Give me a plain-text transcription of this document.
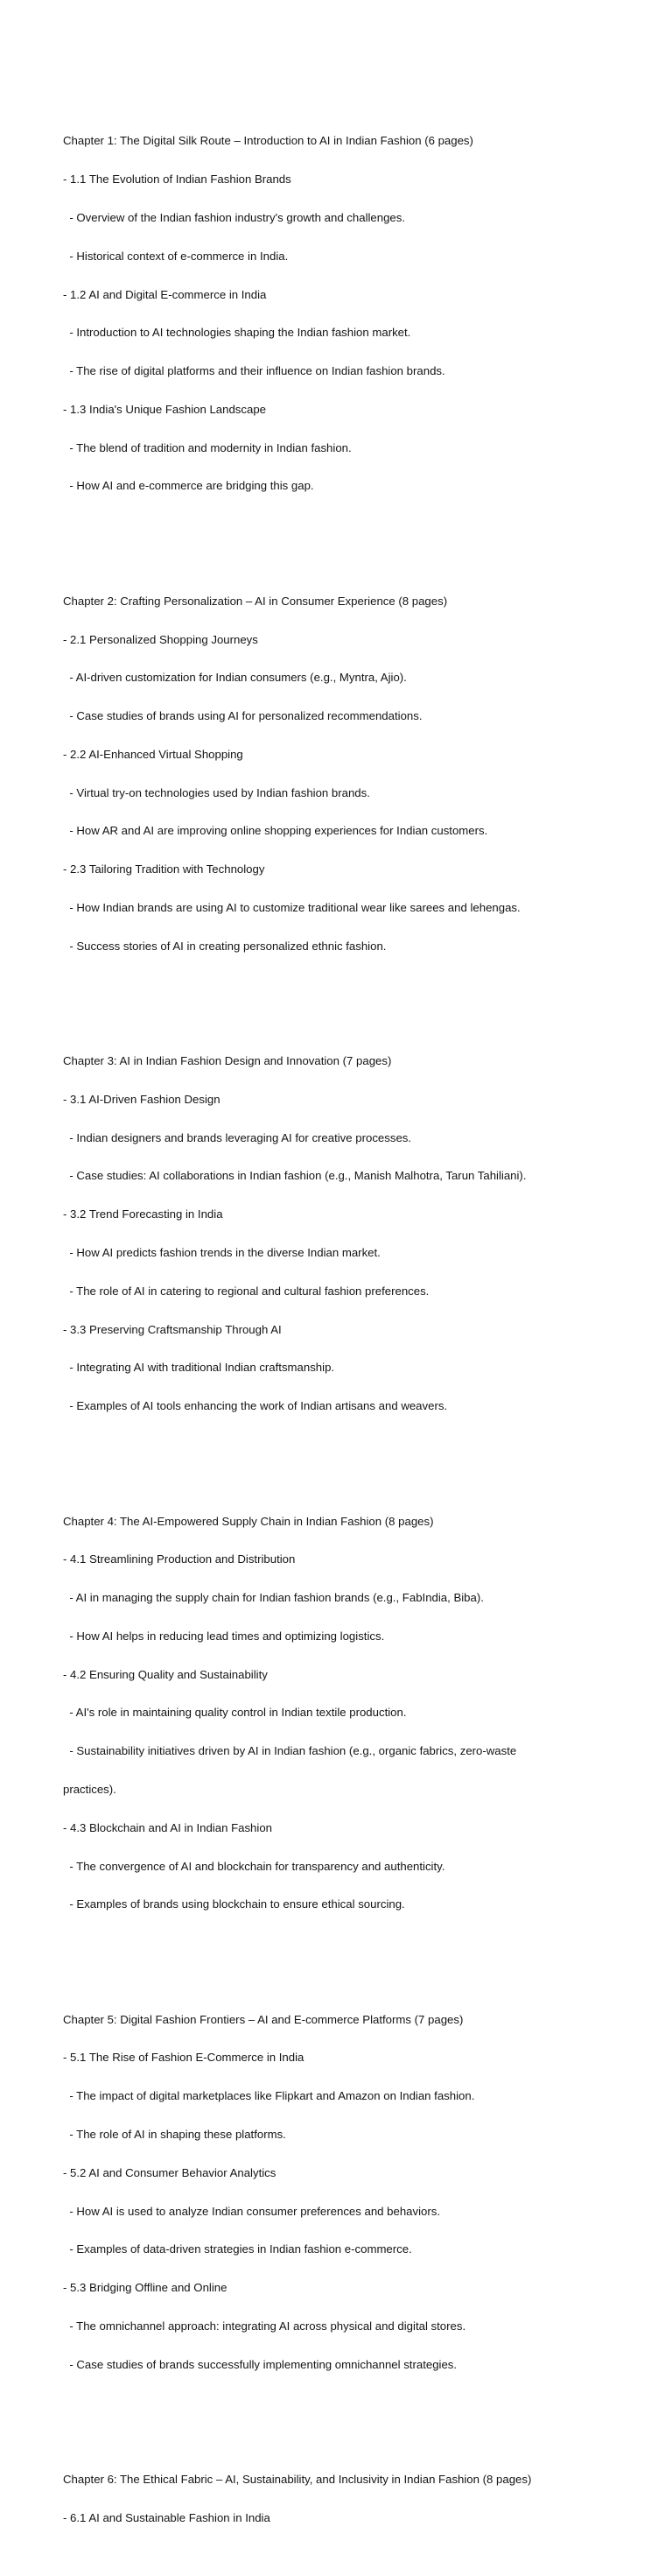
Chapter 1: The Digital Silk Route – Introduction to AI in Indian Fashion (6 pages)

- 1.1 The Evolution of Indian Fashion Brands

- Overview of the Indian fashion industry's growth and challenges.

- Historical context of e-commerce in India.

- 1.2 AI and Digital E-commerce in India

- Introduction to AI technologies shaping the Indian fashion market.

- The rise of digital platforms and their influence on Indian fashion brands.

- 1.3 India's Unique Fashion Landscape

- The blend of tradition and modernity in Indian fashion.

- How AI and e-commerce are bridging this gap.

Chapter 2: Crafting Personalization – AI in Consumer Experience (8 pages)

- 2.1 Personalized Shopping Journeys

- AI-driven customization for Indian consumers (e.g., Myntra, Ajio).

- Case studies of brands using AI for personalized recommendations.

- 2.2 AI-Enhanced Virtual Shopping

- Virtual try-on technologies used by Indian fashion brands.

- How AR and AI are improving online shopping experiences for Indian customers.

- 2.3 Tailoring Tradition with Technology

- How Indian brands are using AI to customize traditional wear like sarees and lehengas.

- Success stories of AI in creating personalized ethnic fashion.

Chapter 3: AI in Indian Fashion Design and Innovation (7 pages)

- 3.1 AI-Driven Fashion Design

- Indian designers and brands leveraging AI for creative processes.

- Case studies: AI collaborations in Indian fashion (e.g., Manish Malhotra, Tarun Tahiliani).

- 3.2 Trend Forecasting in India

- How AI predicts fashion trends in the diverse Indian market.

- The role of AI in catering to regional and cultural fashion preferences.

- 3.3 Preserving Craftsmanship Through AI

- Integrating AI with traditional Indian craftsmanship.

- Examples of AI tools enhancing the work of Indian artisans and weavers.

Chapter 4: The AI-Empowered Supply Chain in Indian Fashion (8 pages)

- 4.1 Streamlining Production and Distribution

- AI in managing the supply chain for Indian fashion brands (e.g., FabIndia, Biba).

- How AI helps in reducing lead times and optimizing logistics.

- 4.2 Ensuring Quality and Sustainability

- AI's role in maintaining quality control in Indian textile production.

- Sustainability initiatives driven by AI in Indian fashion (e.g., organic fabrics, zero-waste

practices).

- 4.3 Blockchain and AI in Indian Fashion

- The convergence of AI and blockchain for transparency and authenticity.

- Examples of brands using blockchain to ensure ethical sourcing.

Chapter 5: Digital Fashion Frontiers – AI and E-commerce Platforms (7 pages)

- 5.1 The Rise of Fashion E-Commerce in India

- The impact of digital marketplaces like Flipkart and Amazon on Indian fashion.

- The role of AI in shaping these platforms.

- 5.2 AI and Consumer Behavior Analytics

- How AI is used to analyze Indian consumer preferences and behaviors.

- Examples of data-driven strategies in Indian fashion e-commerce.

- 5.3 Bridging Offline and Online

- The omnichannel approach: integrating AI across physical and digital stores.

- Case studies of brands successfully implementing omnichannel strategies.

Chapter 6: The Ethical Fabric – AI, Sustainability, and Inclusivity in Indian Fashion (8 pages)

- 6.1 AI and Sustainable Fashion in India
